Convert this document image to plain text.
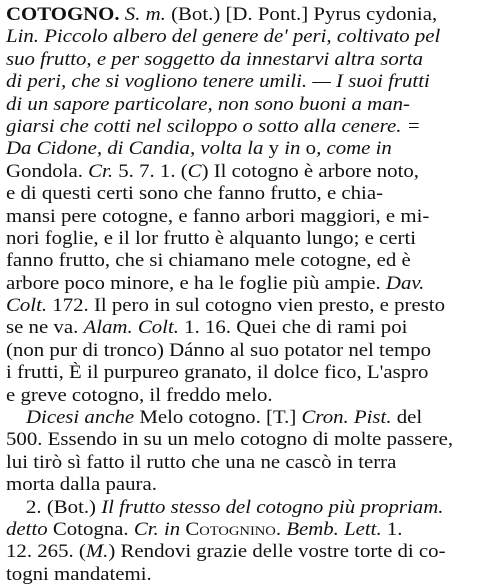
COTOGNO. S. m. (Bot.) [D. Pont.] Pyrus cydonia,
Lin. Piccolo albero del genere de' peri, coltivato pel
suo frutto, e per soggetto da innestarvi altra sorta
di peri, che si vogliono tenere umili. — I suoi frutti
di un sapore particolare, non sono buoni a man-
giarsi che cotti nel sciloppo o sotto alla cenere. =
Da Cidone, di Candia, volta la y in o, come in
Gondola. Cr. 5. 7. 1. (C) Il cotogno è arbore noto,
e di questi certi sono che fanno frutto, e chia-
mansi pere cotogne, e fanno arbori maggiori, e mi-
nori foglie, e il lor frutto è alquanto lungo; e certi
fanno frutto, che si chiamano mele cotogne, ed è
arbore poco minore, e ha le foglie più ampie. Dav.
Colt. 172. Il pero in sul cotogno vien presto, e presto
se ne va. Alam. Colt. 1. 16. Quei che di rami poi
(non pur di tronco) Dánno al suo potator nel tempo
i frutti, È il purpureo granato, il dolce fico, L'aspro
e greve cotogno, il freddo melo.
Dicesi anche Melo cotogno. [T.] Cron. Pist. del
500. Essendo in su un melo cotogno di molte passere,
lui tirò sì fatto il rutto che una ne cascò in terra
morta dalla paura.
2. (Bot.) Il frutto stesso del cotogno più propriam.
detto Cotogna. Cr. in Cotognino. Bemb. Lett. 1.
12. 265. (M.) Rendovi grazie delle vostre torte di co-
togni mandatemi.
